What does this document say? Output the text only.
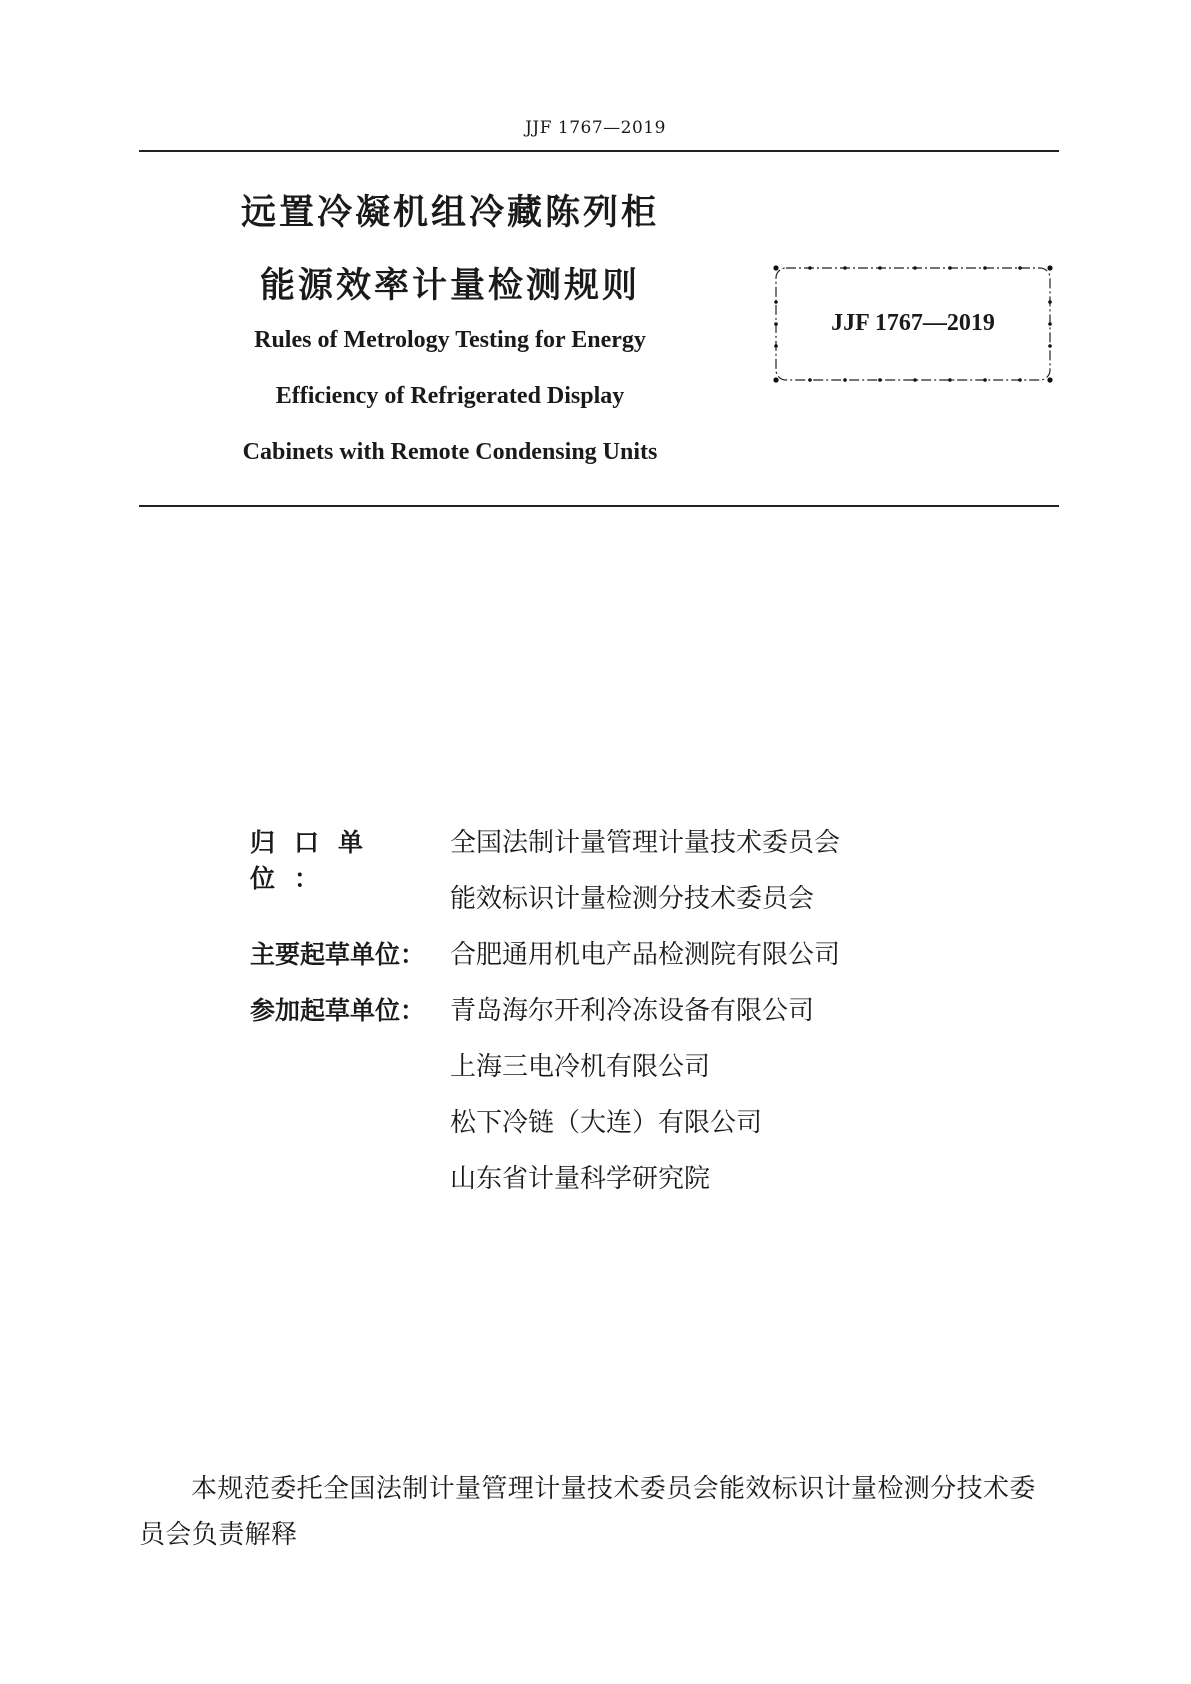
JJF 1767—2019
远置冷凝机组冷藏陈列柜
能源效率计量检测规则
Rules of Metrology Testing for Energy
Efficiency of Refrigerated Display
Cabinets with Remote Condensing Units
JJF 1767—2019
归口单位：
全国法制计量管理计量技术委员会
能效标识计量检测分技术委员会
主要起草单位： 合肥通用机电产品检测院有限公司
参加起草单位： 青岛海尔开利冷冻设备有限公司
上海三电冷机有限公司
松下冷链（大连）有限公司
山东省计量科学研究院
本规范委托全国法制计量管理计量技术委员会能效标识计量检测分技术委员会负责解释
